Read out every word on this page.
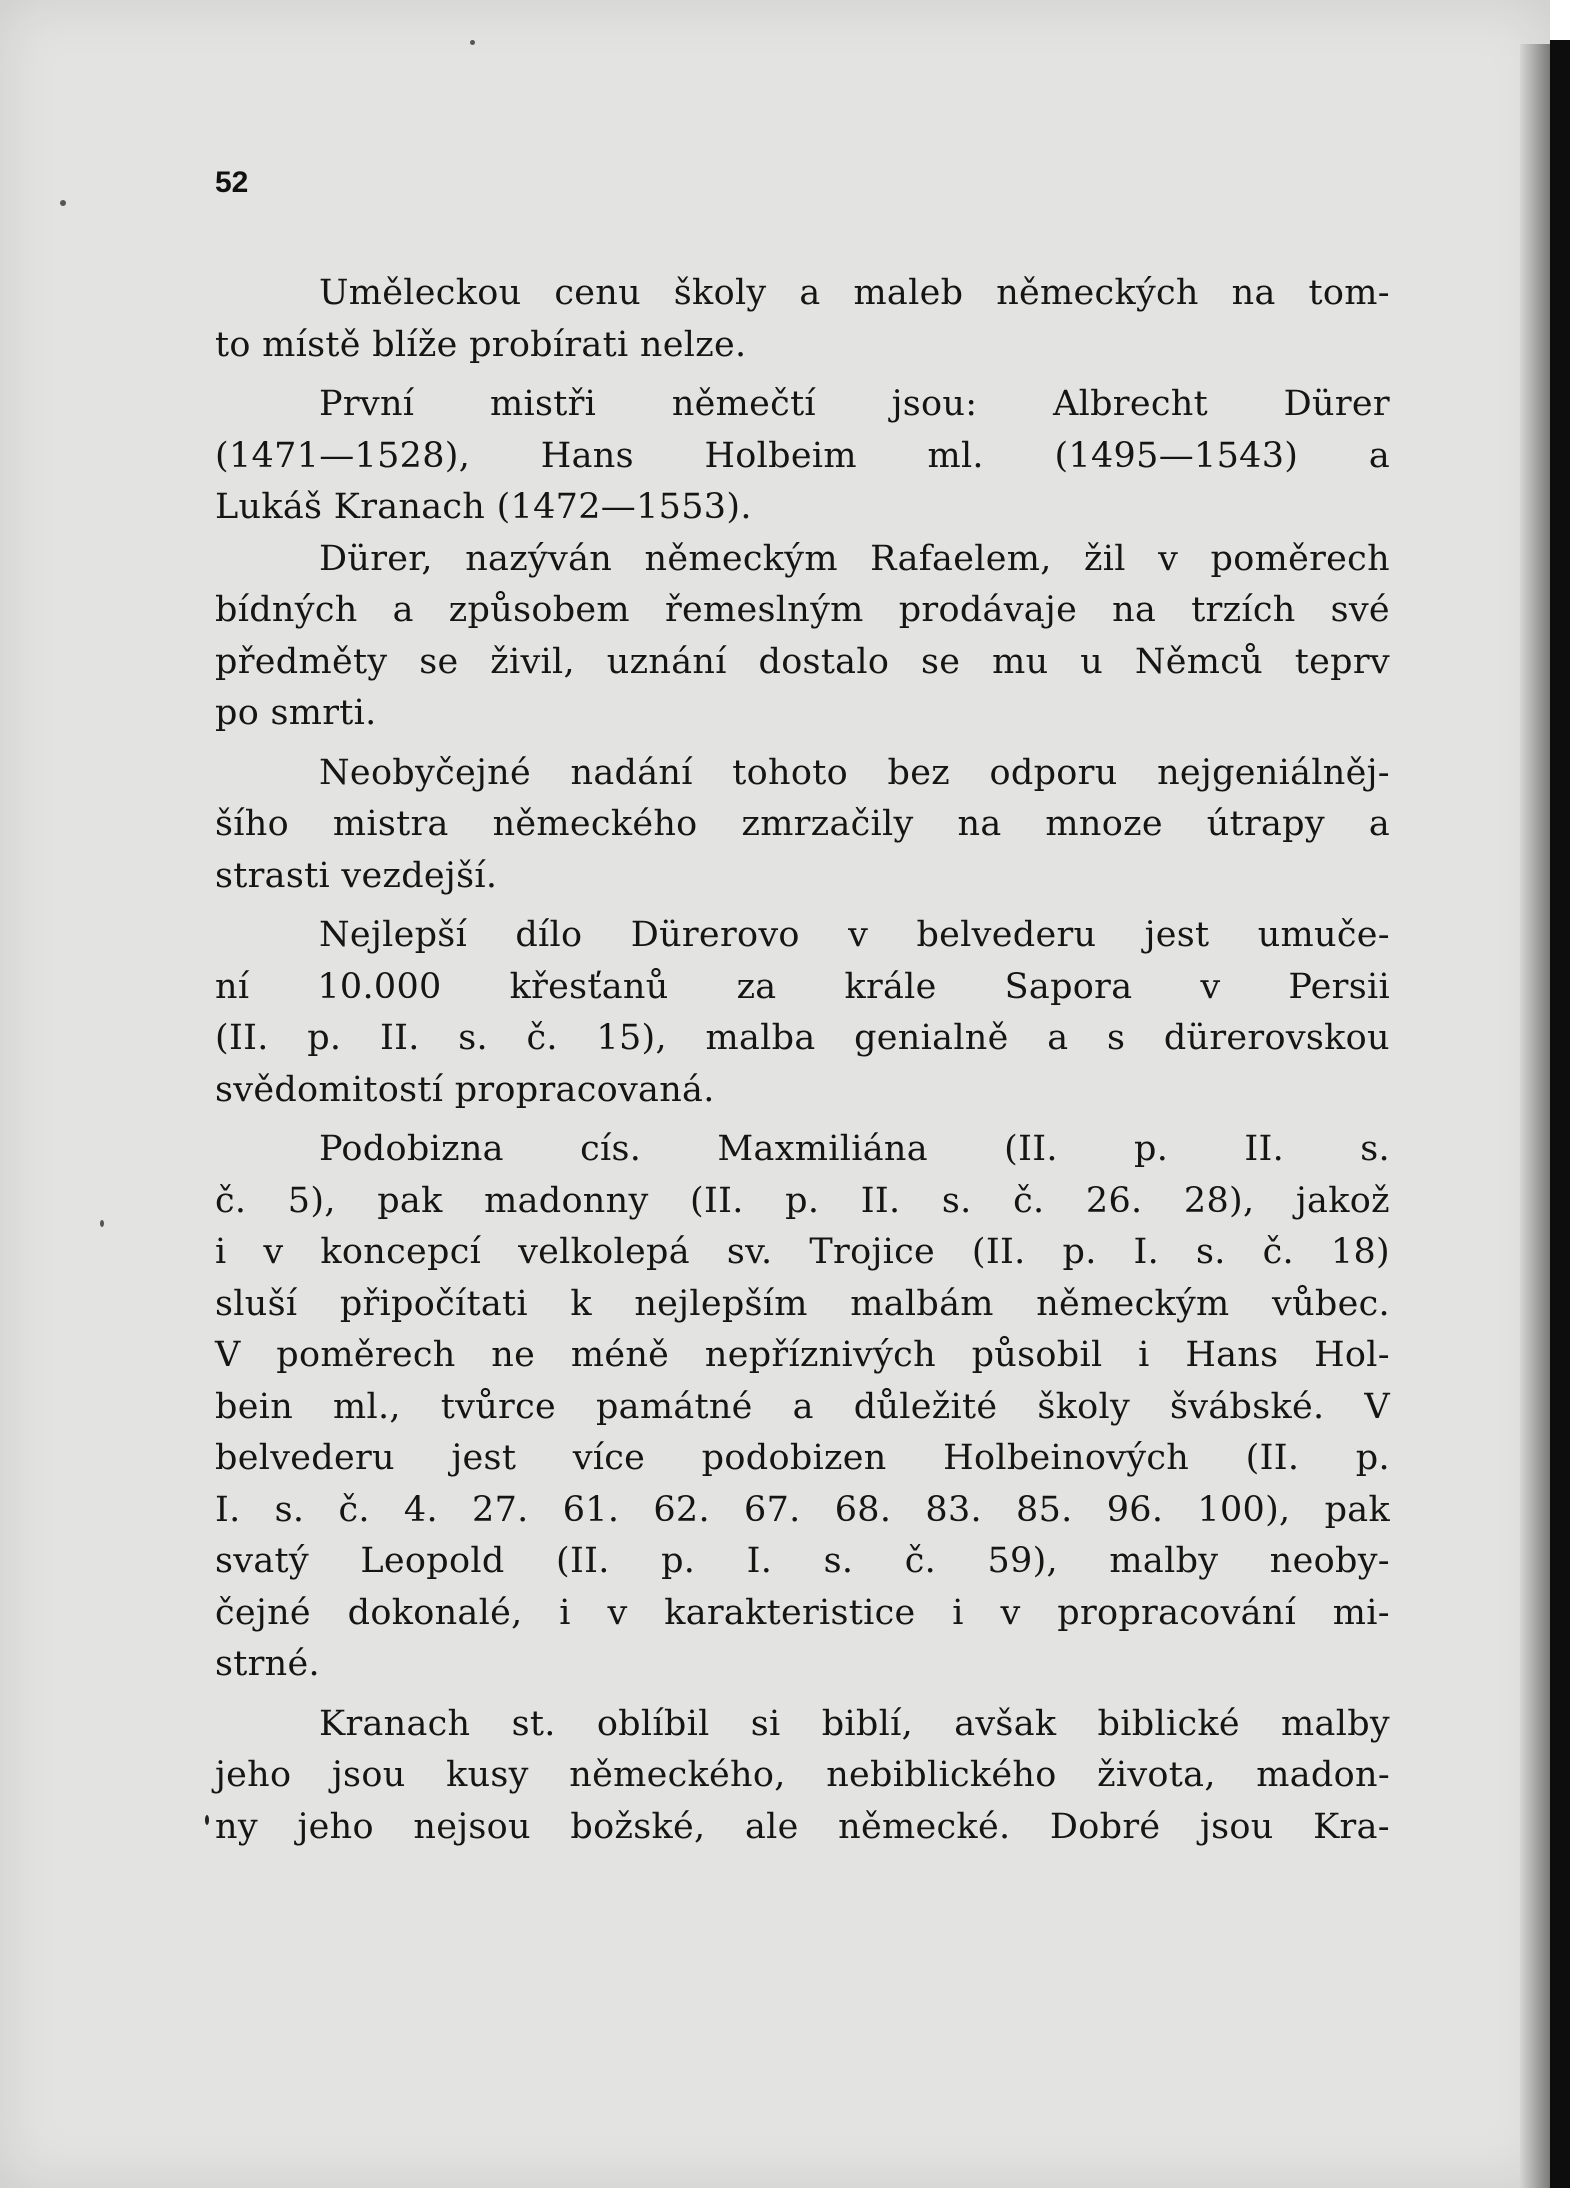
52
Uměleckou cenu školy a maleb německých na tom-
to místě blíže probírati nelze.
První mistři němečtí jsou: Albrecht Dürer
(1471—1528), Hans Holbeim ml. (1495—1543) a
Lukáš Kranach (1472—1553).
Dürer, nazýván německým Rafaelem, žil v poměrech
bídných a způsobem řemeslným prodávaje na trzích své
předměty se živil, uznání dostalo se mu u Němců teprv
po smrti.
Neobyčejné nadání tohoto bez odporu nejgeniálněj-
šího mistra německého zmrzačily na mnoze útrapy a
strasti vezdejší.
Nejlepší dílo Dürerovo v belvederu jest umuče-
ní 10.000 křesťanů za krále Sapora v Persii
(II. p. II. s. č. 15), malba genialně a s dürerovskou
svědomitostí propracovaná.
Podobizna cís. Maxmiliána (II. p. II. s.
č. 5), pak madonny (II. p. II. s. č. 26. 28), jakož
i v koncepcí velkolepá sv. Trojice (II. p. I. s. č. 18)
sluší připočítati k nejlepším malbám německým vůbec.
V poměrech ne méně nepříznivých působil i Hans Hol-
bein ml., tvůrce památné a důležité školy švábské. V
belvederu jest více podobizen Holbeinových (II. p.
I. s. č. 4. 27. 61. 62. 67. 68. 83. 85. 96. 100), pak
svatý Leopold (II. p. I. s. č. 59), malby neoby-
čejné dokonalé, i v karakteristice i v propracování mi-
strné.
Kranach st. oblíbil si biblí, avšak biblické malby
jeho jsou kusy německého, nebiblického života, madon-
ny jeho nejsou božské, ale německé. Dobré jsou Kra-
